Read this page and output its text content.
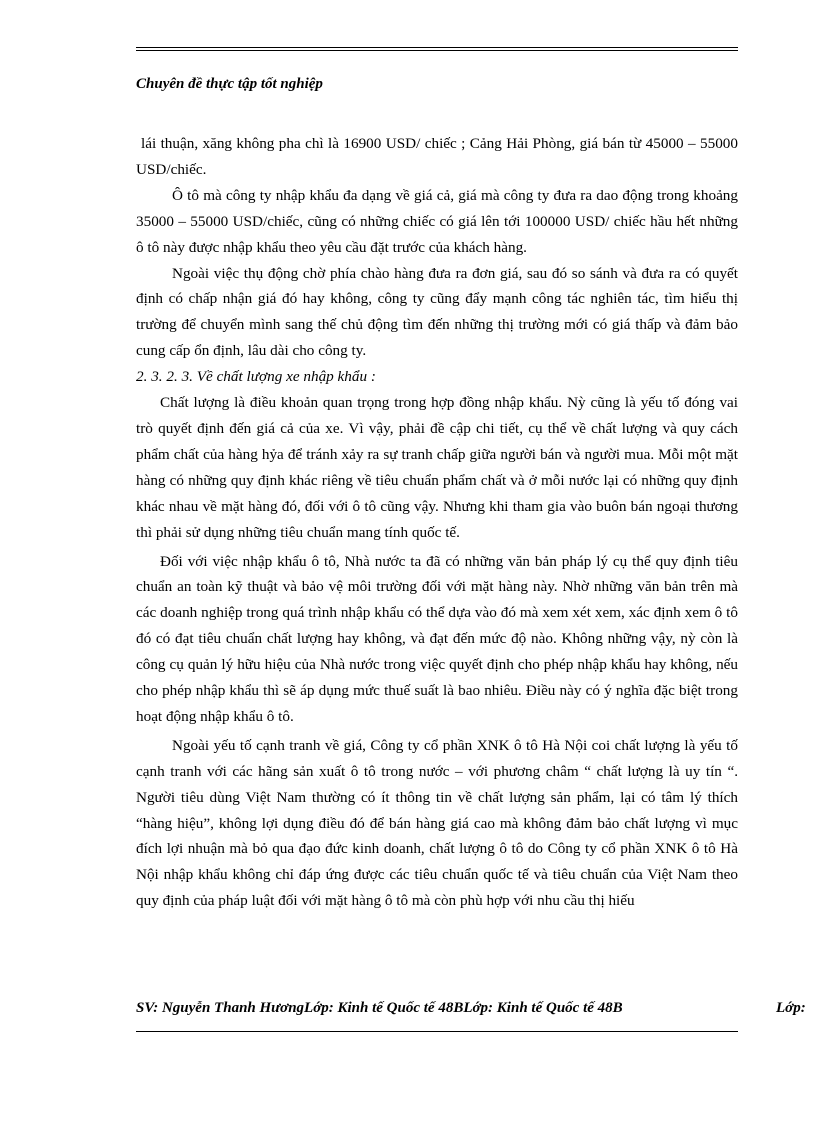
Chuyên đề thực tập tốt nghiệp

lái thuận, xăng không pha chì là 16900 USD/ chiếc ; Cảng Hải Phòng, giá bán từ 45000 – 55000 USD/chiếc.

Ô tô mà công ty nhập khẩu đa dạng về giá cả, giá mà công ty đưa ra dao động trong khoảng 35000 – 55000 USD/chiếc, cũng có những chiếc có giá lên tới 100000 USD/ chiếc hầu hết những ô tô này được nhập khẩu theo yêu cầu đặt trước của khách hàng.

Ngoài việc thụ động chờ phía chào hàng đưa ra đơn giá, sau đó so sánh và đưa ra có quyết định có chấp nhận giá đó hay không, công ty cũng đẩy mạnh công tác nghiên tác, tìm hiểu thị trường để chuyển mình sang thế chủ động tìm đến những thị trường mới có giá thấp và đảm bảo cung cấp ổn định, lâu dài cho công ty.

2. 3. 2. 3. Về chất lượng xe nhập khẩu :

Chất lượng là điều khoản quan trọng trong hợp đồng nhập khẩu. Nỳ cũng là yếu tố đóng vai trò quyết định đến giá cả của xe. Vì vậy, phải đề cập chi tiết, cụ thể về chất lượng và quy cách phẩm chất của hàng hỷa để tránh xảy ra sự tranh chấp giữa người bán và người mua. Mỗi một mặt hàng có những quy định khác riêng về tiêu chuẩn phẩm chất và ở mỗi nước lại có những quy định khác nhau về mặt hàng đó, đối với ô tô cũng vậy. Nhưng khi tham gia vào buôn bán ngoại thương thì phải sử dụng những tiêu chuẩn mang tính quốc tế.

Đối với việc nhập khẩu ô tô, Nhà nước ta đã có những văn bản pháp lý cụ thể quy định tiêu chuẩn an toàn kỹ thuật và bảo vệ môi trường đối với mặt hàng này. Nhờ những văn bản trên mà các doanh nghiệp trong quá trình nhập khẩu có thể dựa vào đó mà xem xét xem, xác định xem ô tô đó có đạt tiêu chuẩn chất lượng hay không, và đạt đến mức độ nào. Không những vậy, nỳ còn là công cụ quản lý hữu hiệu của Nhà nước trong việc quyết định cho phép nhập khẩu hay không, nếu cho phép nhập khẩu thì sẽ áp dụng mức thuế suất là bao nhiêu. Điều này có ý nghĩa đặc biệt trong hoạt động nhập khẩu ô tô.

Ngoài yếu tố cạnh tranh về giá, Công ty cổ phần XNK ô tô Hà Nội coi chất lượng là yếu tố cạnh tranh với các hãng sản xuất ô tô trong nước – với phương châm “ chất lượng là uy tín “. Người tiêu dùng Việt Nam thường có ít thông tin về chất lượng sản phẩm, lại có tâm lý thích “hàng hiệu”, không lợi dụng điều đó để bán hàng giá cao mà không đảm bảo chất lượng vì mục đích lợi nhuận mà bỏ qua đạo đức kinh doanh, chất lượng ô tô do Công ty cổ phần XNK ô tô Hà Nội nhập khẩu không chỉ đáp ứng được các tiêu chuẩn quốc tế và tiêu chuẩn của Việt Nam theo quy định của pháp luật đối với mặt hàng ô tô mà còn phù hợp với nhu cầu thị hiếu

SV: Nguyễn Thanh HươngLớp: Kinh tế Quốc tế 48BLớp: Kinh tế Quốc tế 48B	Lớp:
